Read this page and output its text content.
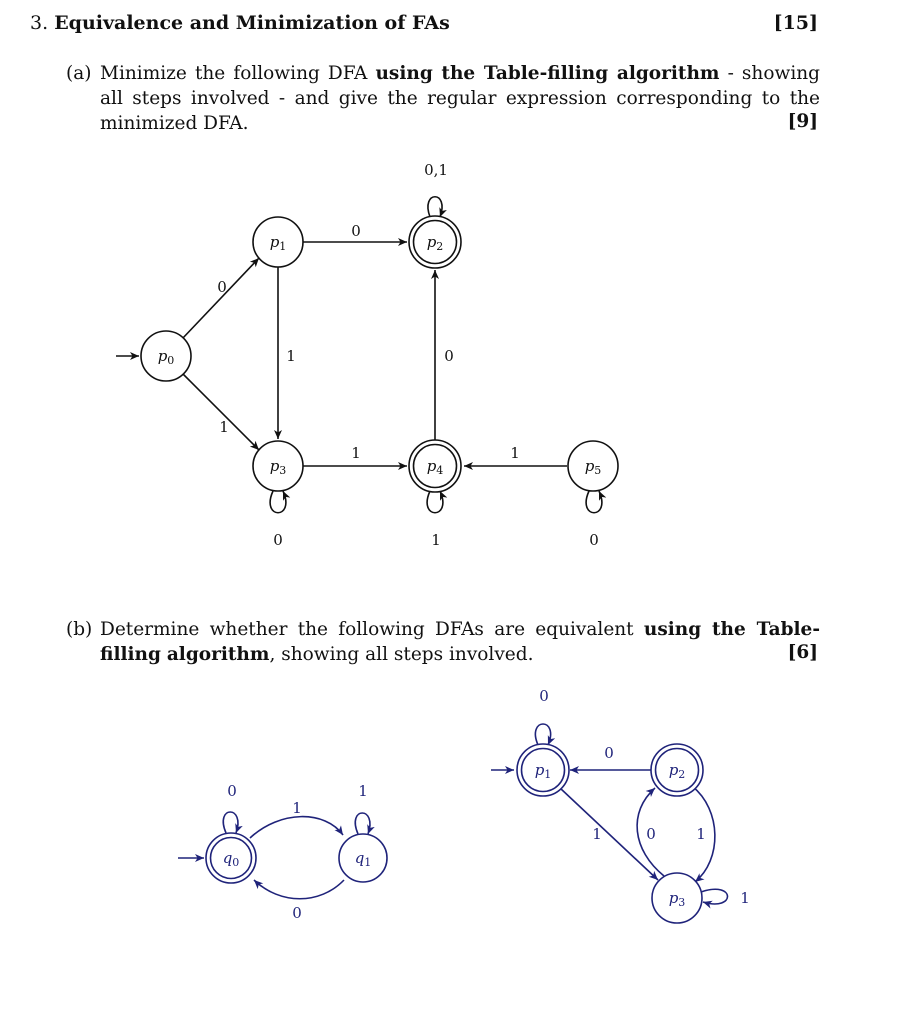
3. Equivalence and Minimization of FAs	[15]
(a) Minimize the following DFA using the Table-filling algorithm - showing all steps involved - and give the regular expression corresponding to the minimized DFA.	[9]
(b) Determine whether the following DFAs are equivalent using the Table-filling algorithm, showing all steps involved.	[6]
$p_0$
$p_1$	$p_2$
$p_3$	$p_4$	$p_5$
0
1
0
1
0,1
0
1
0
1
1
0
$q_0$	$q_1$
0
1
1
0
$p_1$	$p_2$
$p_3$
0
0
1	0	1
1
